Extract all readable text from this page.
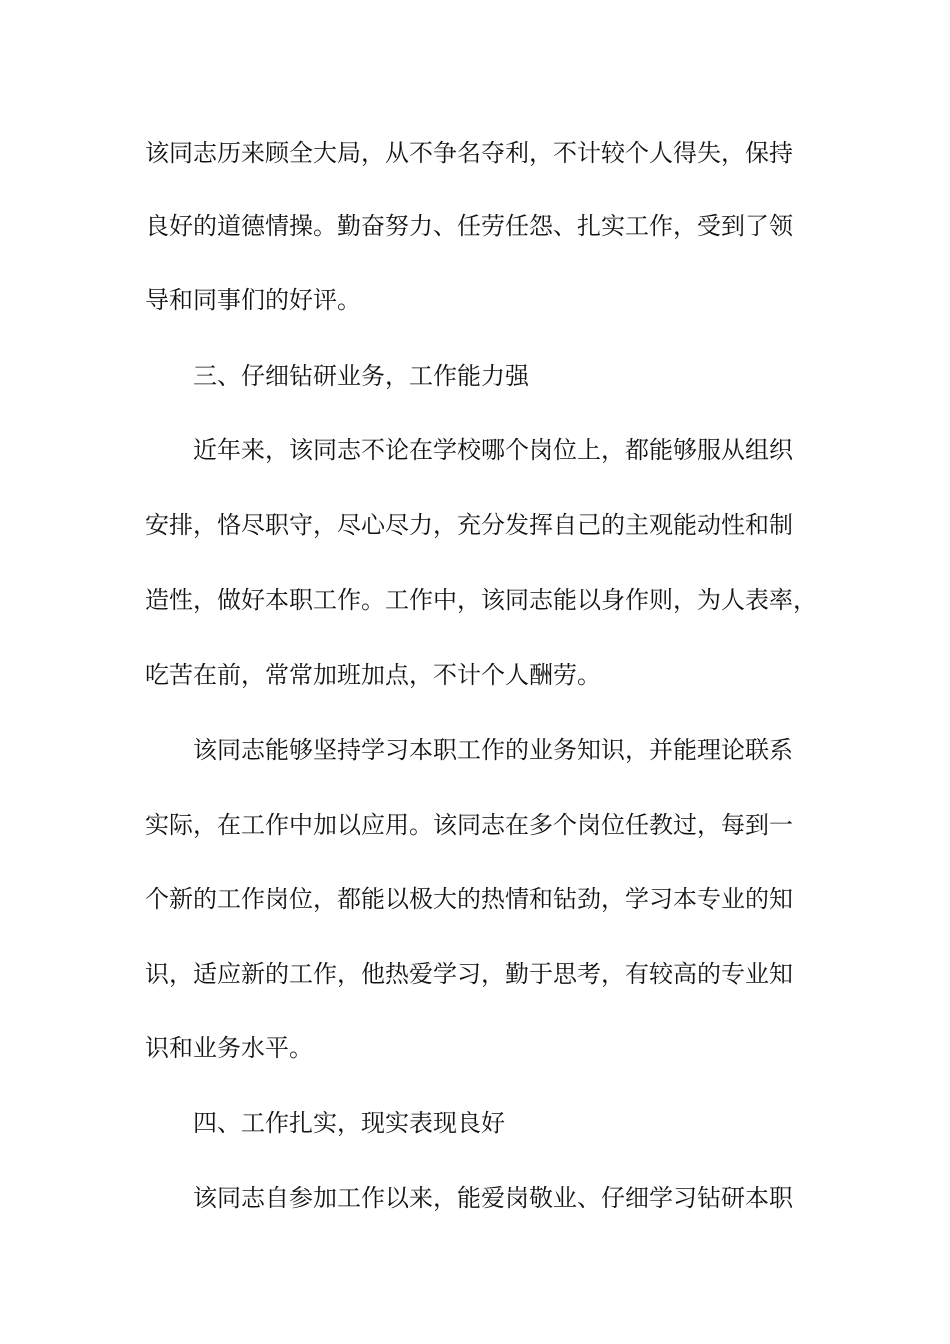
该同志历来顾全大局，从不争名夺利，不计较个人得失，保持
良好的道德情操。勤奋努力、任劳任怨、扎实工作，受到了领
导和同事们的好评。
三、仔细钻研业务，工作能力强
近年来，该同志不论在学校哪个岗位上，都能够服从组织
安排，恪尽职守，尽心尽力，充分发挥自己的主观能动性和制
造性，做好本职工作。工作中，该同志能以身作则，为人表率，
吃苦在前，常常加班加点，不计个人酬劳。
该同志能够坚持学习本职工作的业务知识，并能理论联系
实际，在工作中加以应用。该同志在多个岗位任教过，每到一
个新的工作岗位，都能以极大的热情和钻劲，学习本专业的知
识，适应新的工作，他热爱学习，勤于思考，有较高的专业知
识和业务水平。
四、工作扎实，现实表现良好
该同志自参加工作以来，能爱岗敬业、仔细学习钻研本职
